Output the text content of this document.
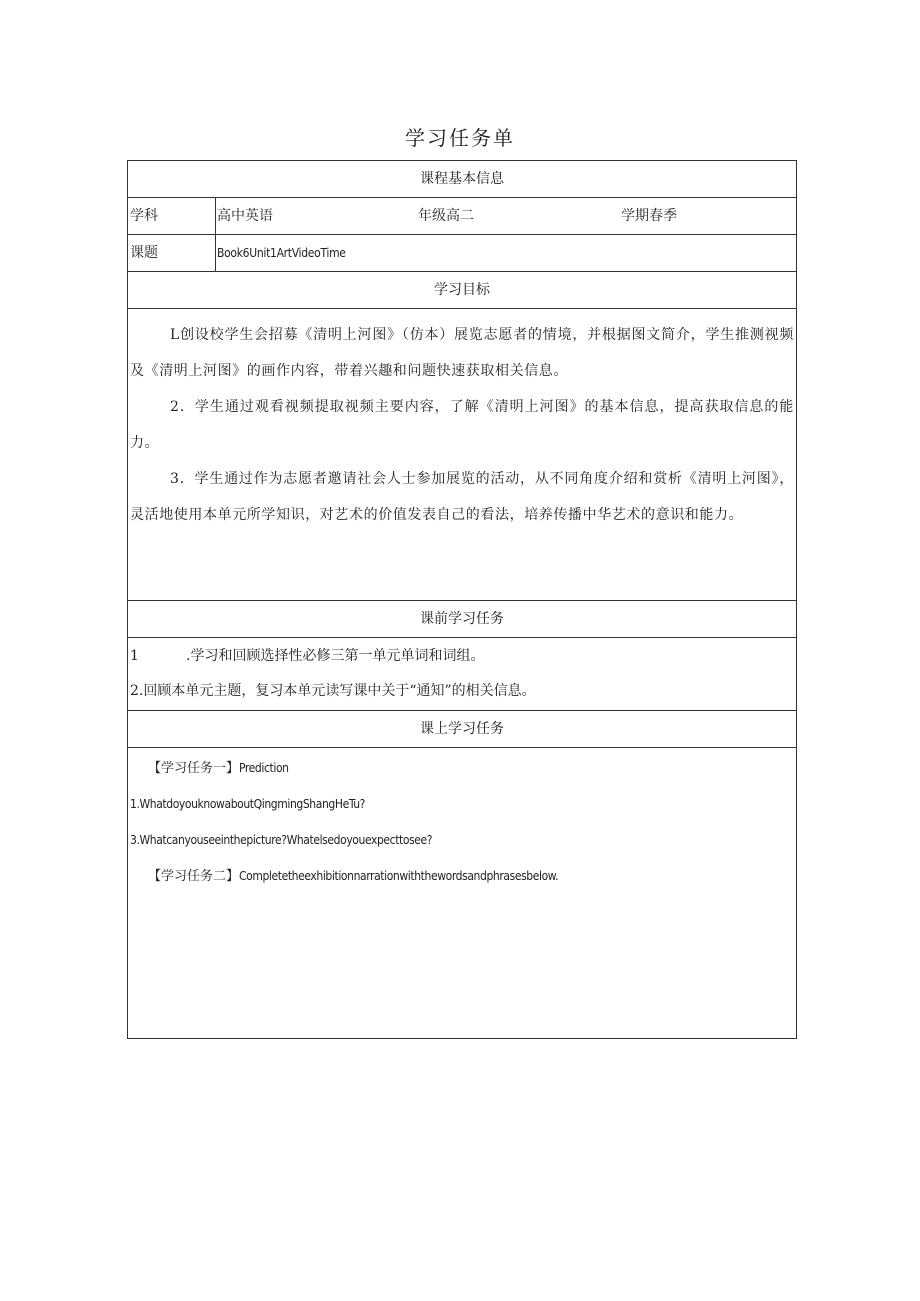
学习任务单
课程基本信息
学科	高中英语	年级高二	学期春季
课题	Book6Unit1ArtVideoTime
学习目标

L创设校学生会招募《清明上河图》（仿本）展览志愿者的情境，并根据图文简介，学生推测视频及《清明上河图》的画作内容，带着兴趣和问题快速获取相关信息。

2．学生通过观看视频提取视频主要内容，了解《清明上河图》的基本信息，提高获取信息的能力。

3．学生通过作为志愿者邀请社会人士参加展览的活动，从不同角度介绍和赏析《清明上河图》，灵活地使用本单元所学知识，对艺术的价值发表自己的看法，培养传播中华艺术的意识和能力。

课前学习任务

1	.学习和回顾选择性必修三第一单元单词和词组。

2.回顾本单元主题，复习本单元读写课中关于“通知”的相关信息。

课上学习任务

【学习任务一】Prediction

1.WhatdoyouknowaboutQingmingShangHeTu?

3.Whatcanyouseeinthepicture?Whatelsedoyouexpecttosee?

【学习任务二】Completetheexhibitionnarrationwiththewordsandphrasesbelow.
